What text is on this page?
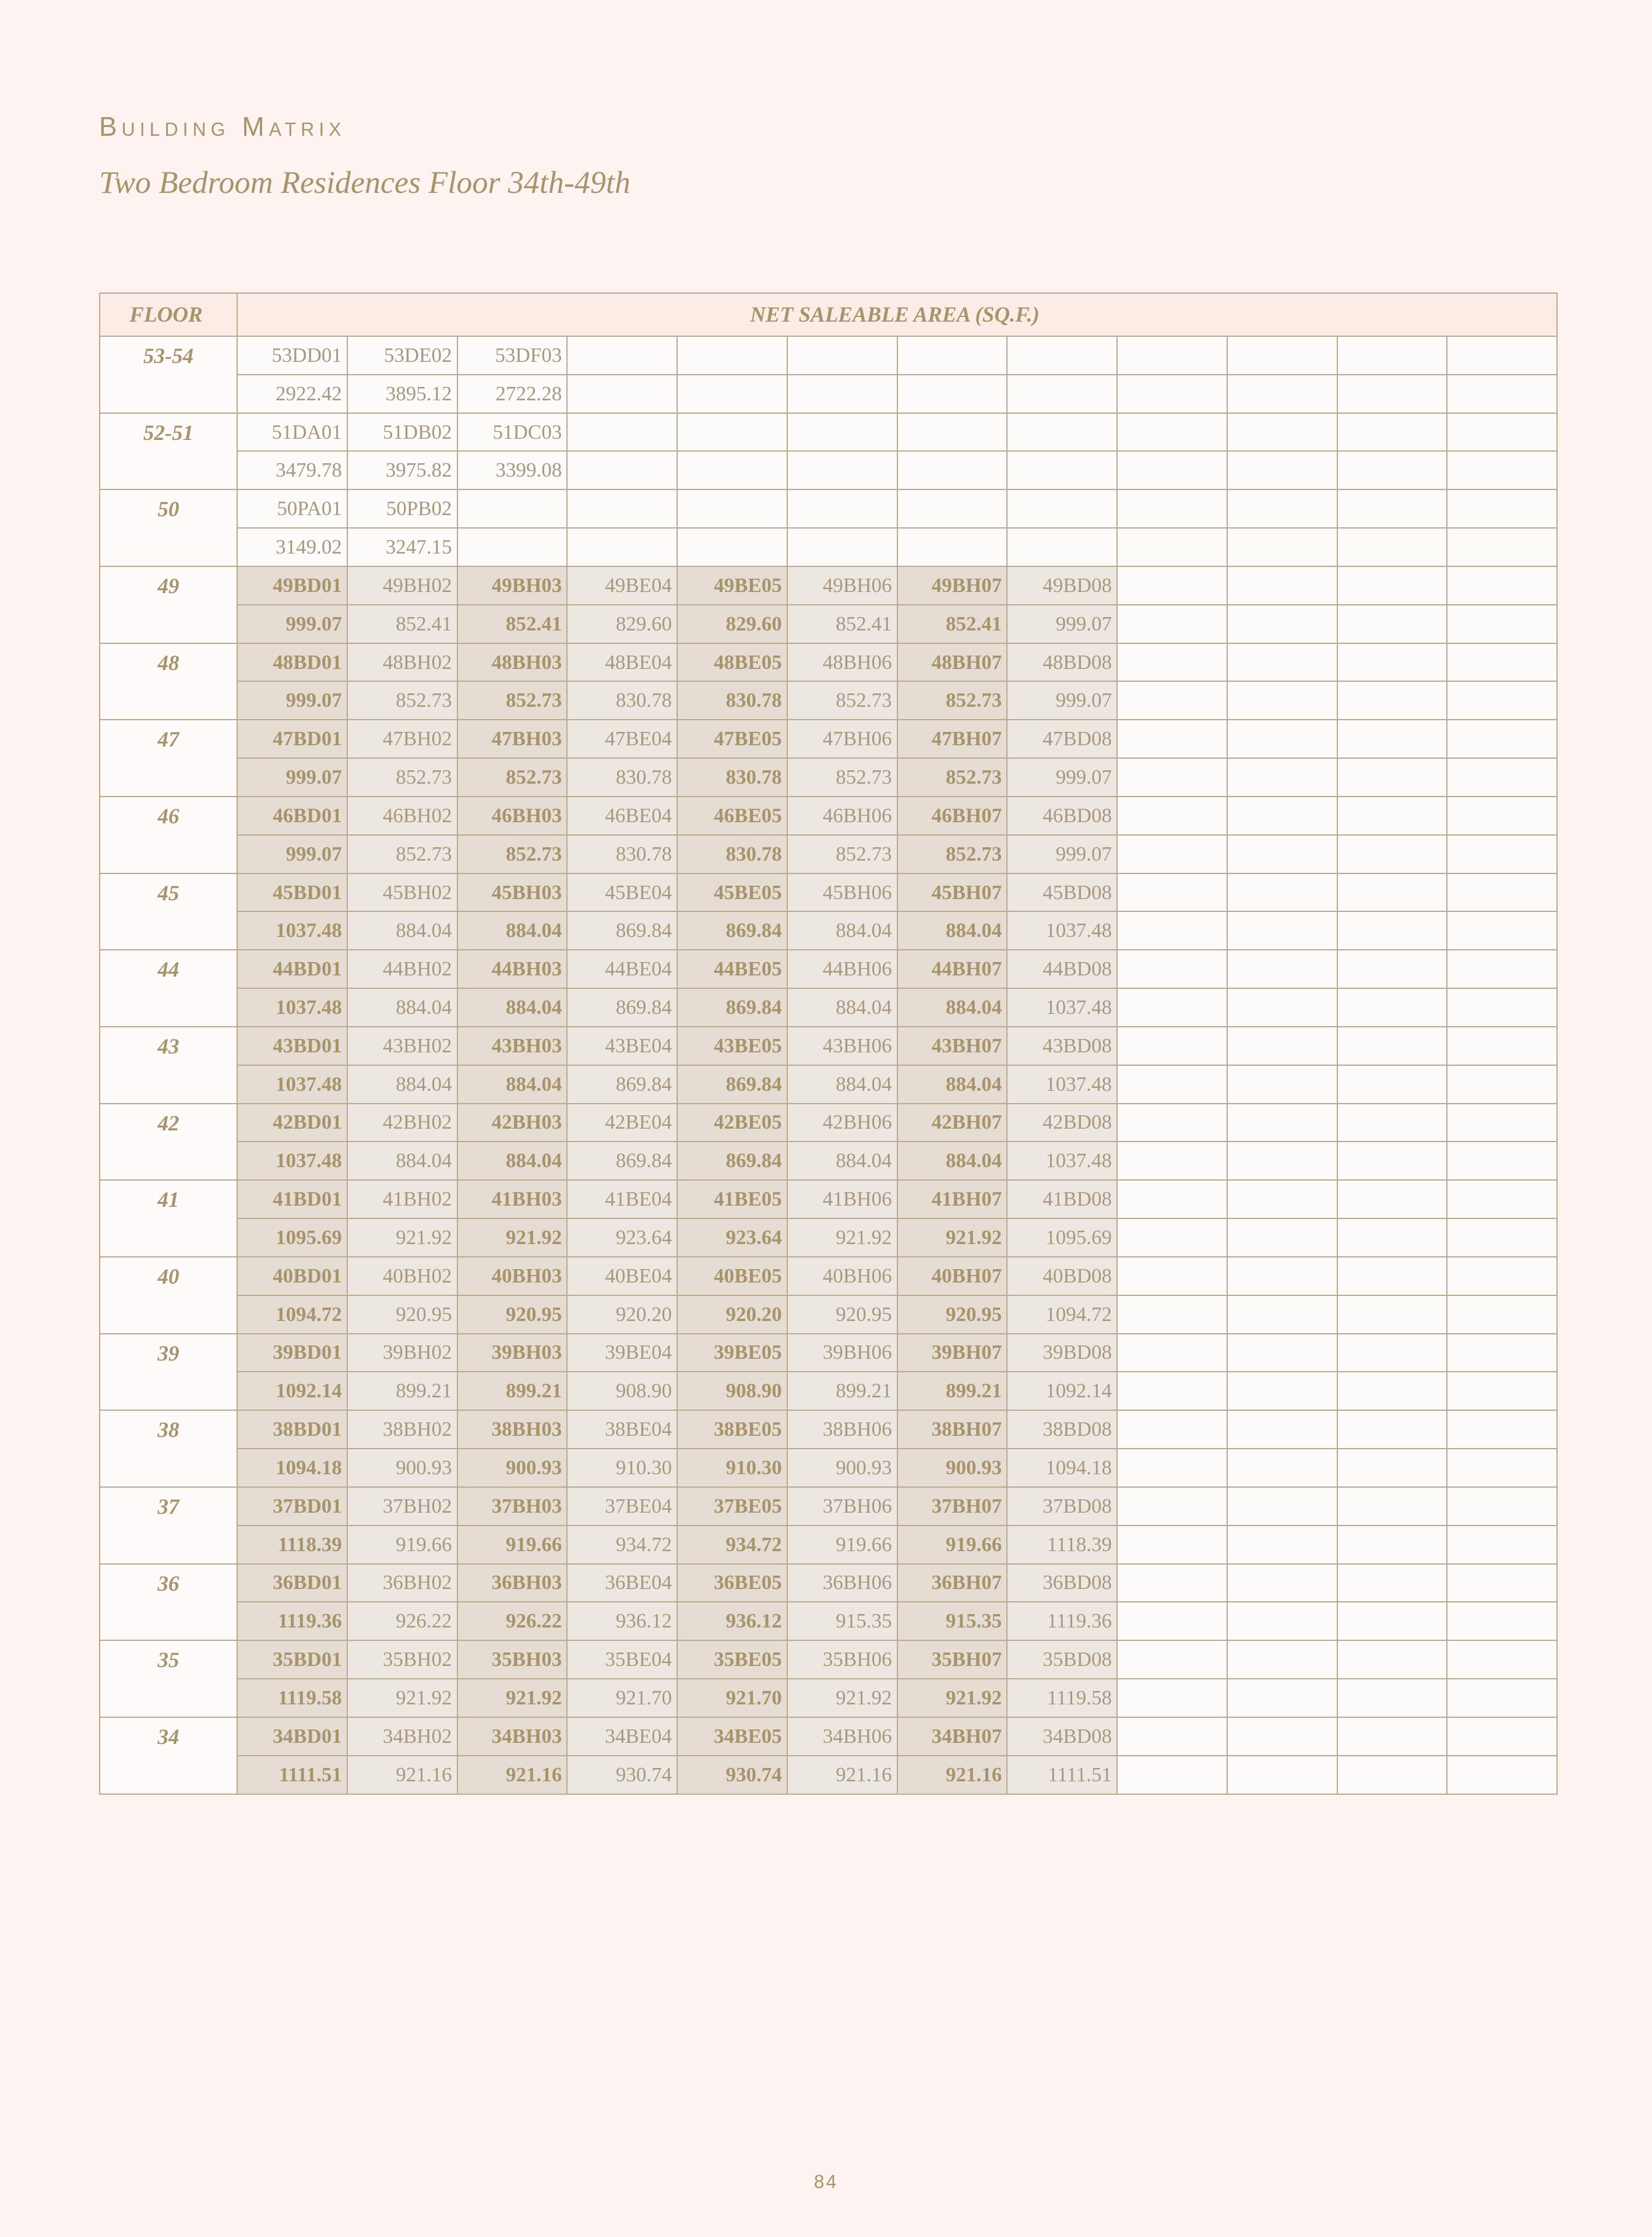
Building Matrix
Two Bedroom Residences Floor 34th-49th
FLOOR	NET SALEABLE AREA (SQ.F.)											
53-54	53DD01	53DE02	53DF03									
	2922.42	3895.12	2722.28									
52-51	51DA01	51DB02	51DC03									
	3479.78	3975.82	3399.08									
50	50PA01	50PB02										
	3149.02	3247.15										
49	49BD01	49BH02	49BH03	49BE04	49BE05	49BH06	49BH07	49BD08				
	999.07	852.41	852.41	829.60	829.60	852.41	852.41	999.07				
48	48BD01	48BH02	48BH03	48BE04	48BE05	48BH06	48BH07	48BD08				
	999.07	852.73	852.73	830.78	830.78	852.73	852.73	999.07				
47	47BD01	47BH02	47BH03	47BE04	47BE05	47BH06	47BH07	47BD08				
	999.07	852.73	852.73	830.78	830.78	852.73	852.73	999.07				
46	46BD01	46BH02	46BH03	46BE04	46BE05	46BH06	46BH07	46BD08				
	999.07	852.73	852.73	830.78	830.78	852.73	852.73	999.07				
45	45BD01	45BH02	45BH03	45BE04	45BE05	45BH06	45BH07	45BD08				
	1037.48	884.04	884.04	869.84	869.84	884.04	884.04	1037.48				
44	44BD01	44BH02	44BH03	44BE04	44BE05	44BH06	44BH07	44BD08				
	1037.48	884.04	884.04	869.84	869.84	884.04	884.04	1037.48				
43	43BD01	43BH02	43BH03	43BE04	43BE05	43BH06	43BH07	43BD08				
	1037.48	884.04	884.04	869.84	869.84	884.04	884.04	1037.48				
42	42BD01	42BH02	42BH03	42BE04	42BE05	42BH06	42BH07	42BD08				
	1037.48	884.04	884.04	869.84	869.84	884.04	884.04	1037.48				
41	41BD01	41BH02	41BH03	41BE04	41BE05	41BH06	41BH07	41BD08				
	1095.69	921.92	921.92	923.64	923.64	921.92	921.92	1095.69				
40	40BD01	40BH02	40BH03	40BE04	40BE05	40BH06	40BH07	40BD08				
	1094.72	920.95	920.95	920.20	920.20	920.95	920.95	1094.72				
39	39BD01	39BH02	39BH03	39BE04	39BE05	39BH06	39BH07	39BD08				
	1092.14	899.21	899.21	908.90	908.90	899.21	899.21	1092.14				
38	38BD01	38BH02	38BH03	38BE04	38BE05	38BH06	38BH07	38BD08				
	1094.18	900.93	900.93	910.30	910.30	900.93	900.93	1094.18				
37	37BD01	37BH02	37BH03	37BE04	37BE05	37BH06	37BH07	37BD08				
	1118.39	919.66	919.66	934.72	934.72	919.66	919.66	1118.39				
36	36BD01	36BH02	36BH03	36BE04	36BE05	36BH06	36BH07	36BD08				
	1119.36	926.22	926.22	936.12	936.12	915.35	915.35	1119.36				
35	35BD01	35BH02	35BH03	35BE04	35BE05	35BH06	35BH07	35BD08				
	1119.58	921.92	921.92	921.70	921.70	921.92	921.92	1119.58				
34	34BD01	34BH02	34BH03	34BE04	34BE05	34BH06	34BH07	34BD08				
	1111.51	921.16	921.16	930.74	930.74	921.16	921.16	1111.51				
84
